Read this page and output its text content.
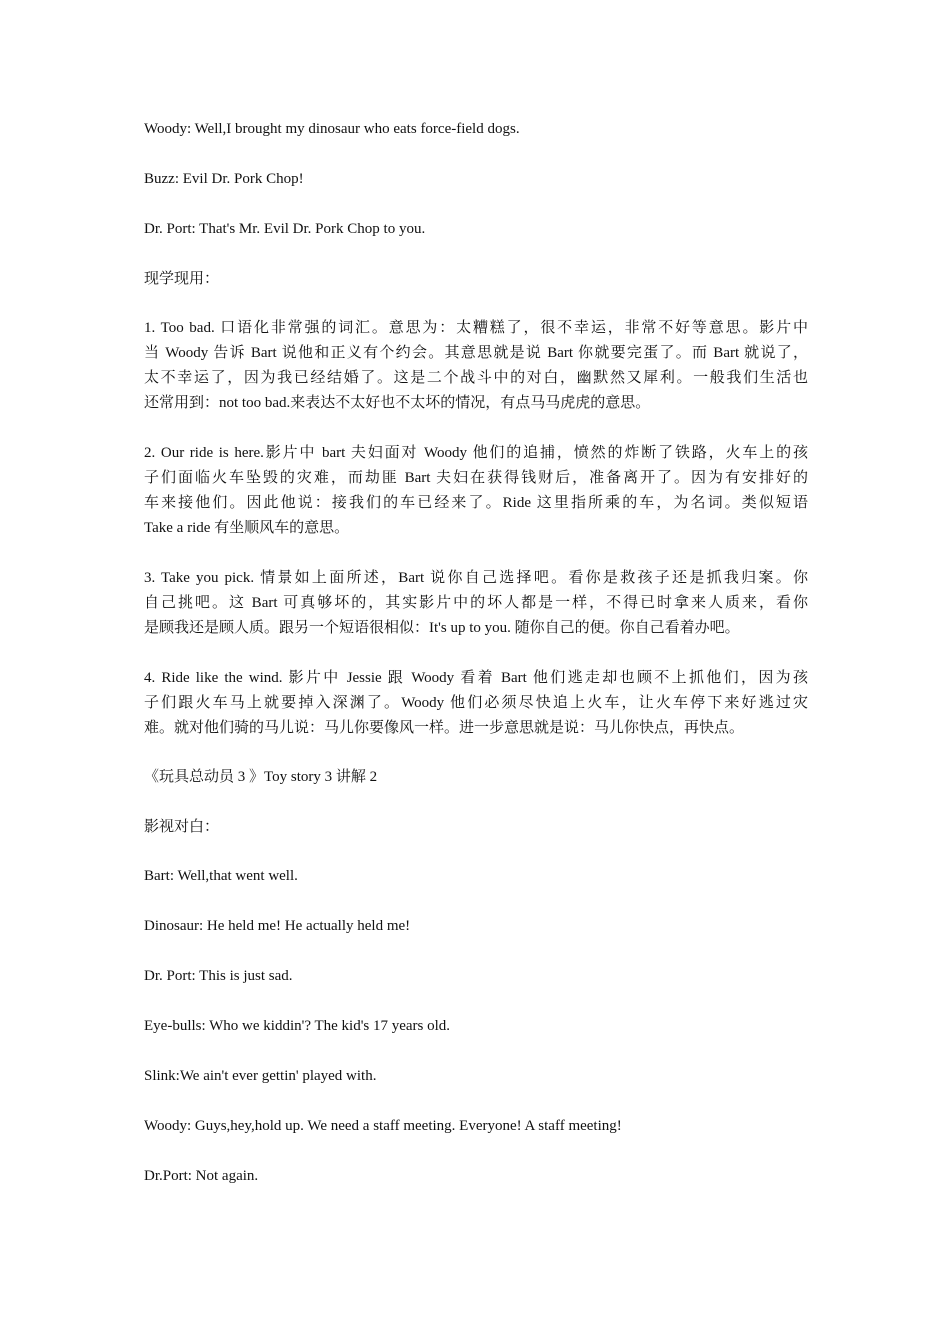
Woody: Well,I brought my dinosaur who eats force-field dogs.

Buzz: Evil Dr. Pork Chop!

Dr. Port: That's Mr. Evil Dr. Pork Chop to you.

现学现用：

1. Too bad. 口语化非常强的词汇。意思为：太糟糕了，很不幸运，非常不好等意思。影片中
当 Woody 告诉 Bart 说他和正义有个约会。其意思就是说 Bart 你就要完蛋了。而 Bart 就说了，
太不幸运了，因为我已经结婚了。这是二个战斗中的对白，幽默然又犀利。一般我们生活也
还常用到：not too bad.来表达不太好也不太坏的情况，有点马马虎虎的意思。
2. Our ride is here.影片中 bart 夫妇面对 Woody 他们的追捕，愤然的炸断了铁路，火车上的孩
子们面临火车坠毁的灾难，而劫匪 Bart 夫妇在获得钱财后，准备离开了。因为有安排好的
车来接他们。因此他说：接我们的车已经来了。Ride 这里指所乘的车，为名词。类似短语
Take a ride 有坐顺风车的意思。
3. Take you pick. 情景如上面所述，Bart 说你自己选择吧。看你是救孩子还是抓我归案。你
自己挑吧。这 Bart 可真够坏的，其实影片中的坏人都是一样，不得已时拿来人质来，看你
是顾我还是顾人质。跟另一个短语很相似：It's up to you. 随你自己的便。你自己看着办吧。
4. Ride like the wind. 影片中 Jessie 跟 Woody 看着 Bart 他们逃走却也顾不上抓他们，因为孩
子们跟火车马上就要掉入深渊了。Woody 他们必须尽快追上火车，让火车停下来好逃过灾
难。就对他们骑的马儿说：马儿你要像风一样。进一步意思就是说：马儿你快点，再快点。

《玩具总动员 3 》Toy story 3 讲解 2

影视对白：

Bart: Well,that went well.

Dinosaur: He held me! He actually held me!

Dr. Port: This is just sad.

Eye-bulls: Who we kiddin'? The kid's 17 years old.

Slink:We ain't ever gettin' played with.

Woody: Guys,hey,hold up. We need a staff meeting. Everyone! A staff meeting!

Dr.Port: Not again.
